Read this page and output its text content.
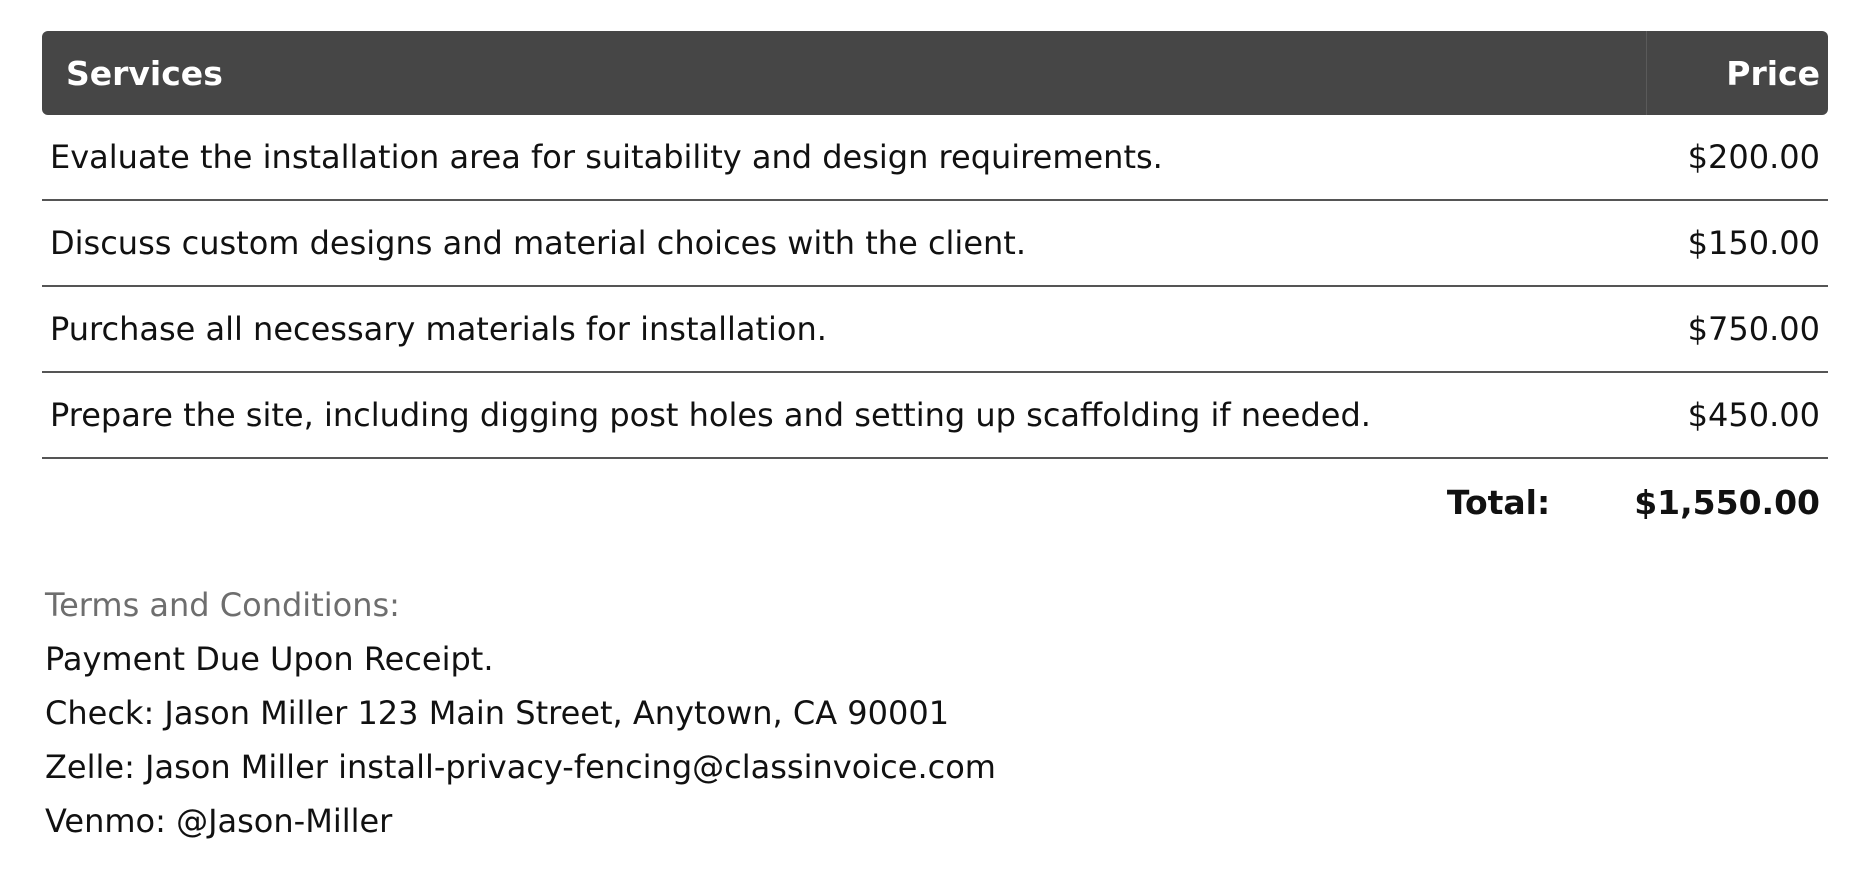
Services	Price
Evaluate the installation area for suitability and design requirements.	$200.00
Discuss custom designs and material choices with the client.	$150.00
Purchase all necessary materials for installation.	$750.00
Prepare the site, including digging post holes and setting up scaffolding if needed.	$450.00
Total:	$1,550.00
Terms and Conditions:
Payment Due Upon Receipt.
Check: Jason Miller 123 Main Street, Anytown, CA 90001
Zelle: Jason Miller install-privacy-fencing@classinvoice.com
Venmo: @Jason-Miller
